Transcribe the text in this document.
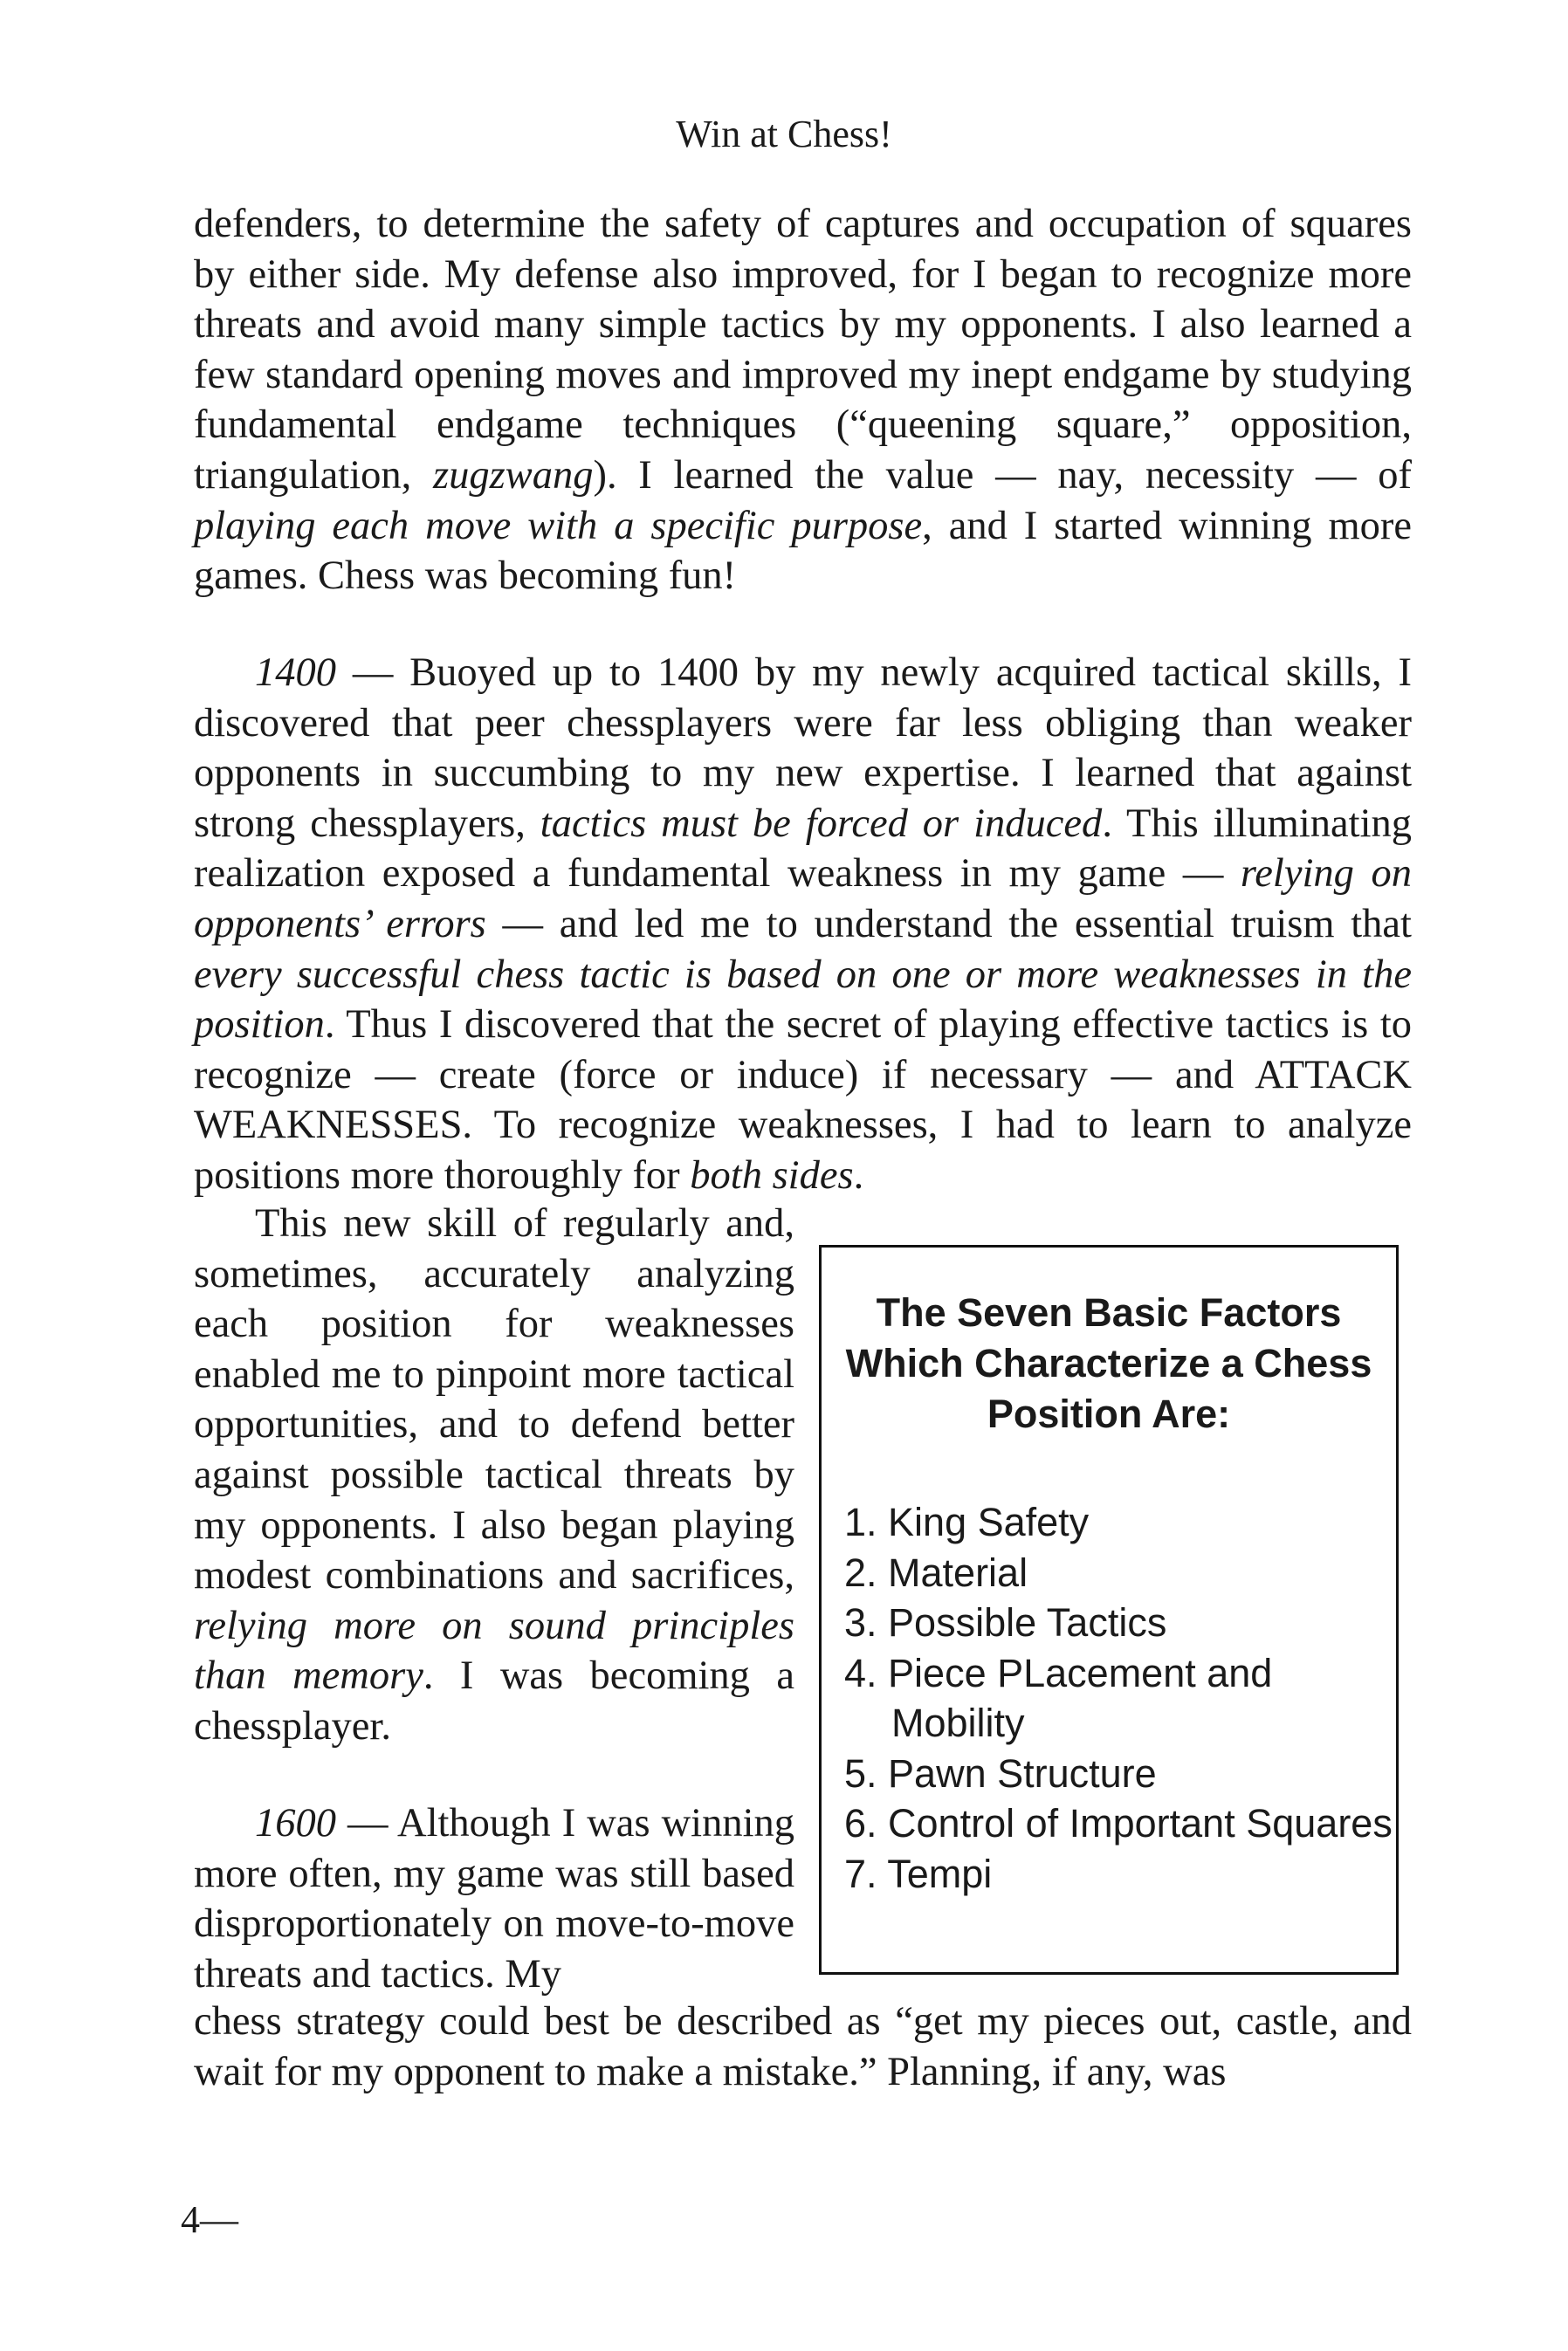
Win at Chess!

defenders, to determine the safety of captures and occupation of squares by either side. My defense also improved, for I began to recognize more threats and avoid many simple tactics by my opponents. I also learned a few standard opening moves and improved my inept endgame by studying fundamental endgame techniques (“queening square,” opposition, triangulation, zugzwang). I learned the value — nay, necessity — of playing each move with a specific purpose, and I started winning more games. Chess was becoming fun!

1400 — Buoyed up to 1400 by my newly acquired tactical skills, I discovered that peer chessplayers were far less obliging than weaker opponents in succumbing to my new expertise. I learned that against strong chessplayers, tactics must be forced or induced. This illuminating realization exposed a fundamental weakness in my game — relying on opponents’ errors — and led me to understand the essential truism that every successful chess tactic is based on one or more weaknesses in the position. Thus I discovered that the secret of playing effective tactics is to recognize — create (force or induce) if necessary — and ATTACK WEAKNESSES. To recognize weaknesses, I had to learn to analyze positions more thoroughly for both sides.

This new skill of regularly and, sometimes, accurately analyzing each position for weaknesses enabled me to pinpoint more tactical opportunities, and to defend better against possible tactical threats by my opponents. I also began playing modest combinations and sacrifices, relying more on sound principles than memory. I was becoming a chessplayer.

1600 — Although I was winning more often, my game was still based disproportionately on move-to-move threats and tactics. My

chess strategy could best be described as “get my pieces out, castle, and wait for my opponent to make a mistake.” Planning, if any, was

The Seven Basic Factors Which Characterize a Chess Position Are:
1. King Safety
2. Material
3. Possible Tactics
4. Piece PLacement and Mobility
5. Pawn Structure
6. Control of Important Squares
7. Tempi
4—
